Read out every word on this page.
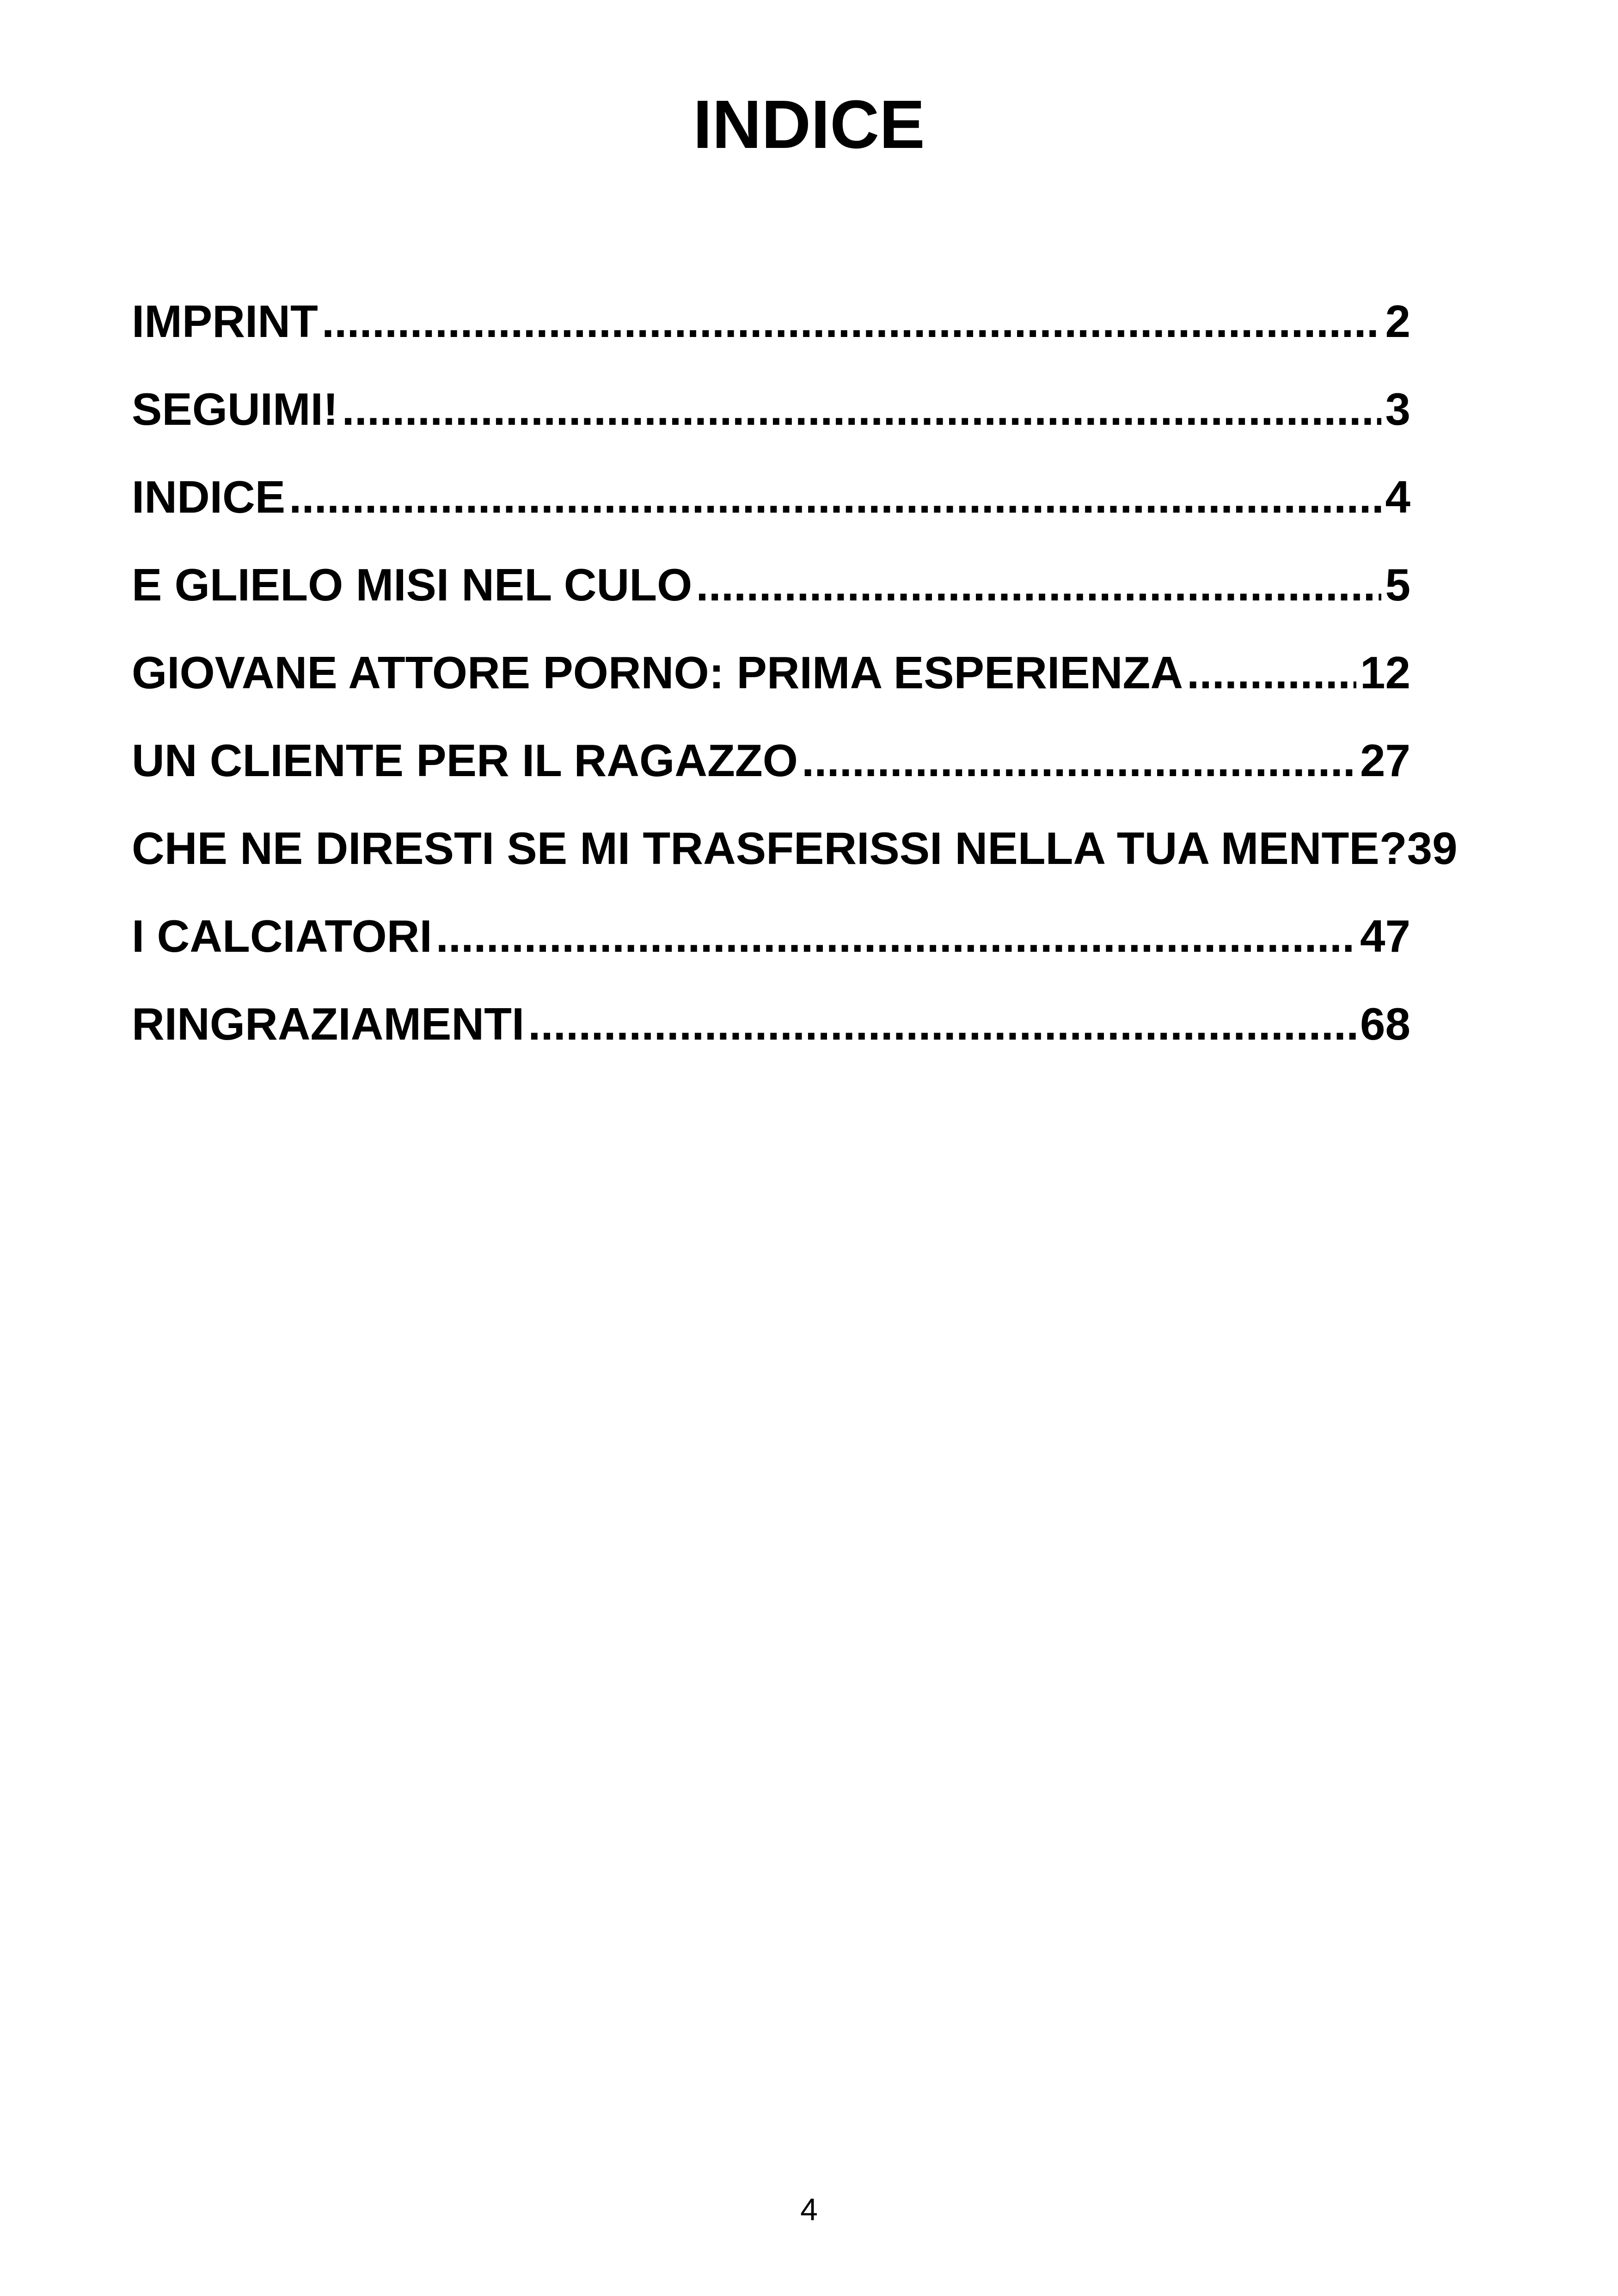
INDICE
IMPRINT .....	2
SEGUIMI! .....	3
INDICE .....	4
E GLIELO MISI NEL CULO .....	5
GIOVANE ATTORE PORNO: PRIMA ESPERIENZA .....	12
UN CLIENTE PER IL RAGAZZO .....	27
CHE NE DIRESTI SE MI TRASFERISSI NELLA TUA MENTE? 39
I CALCIATORI .....	47
RINGRAZIAMENTI .....	68
4
